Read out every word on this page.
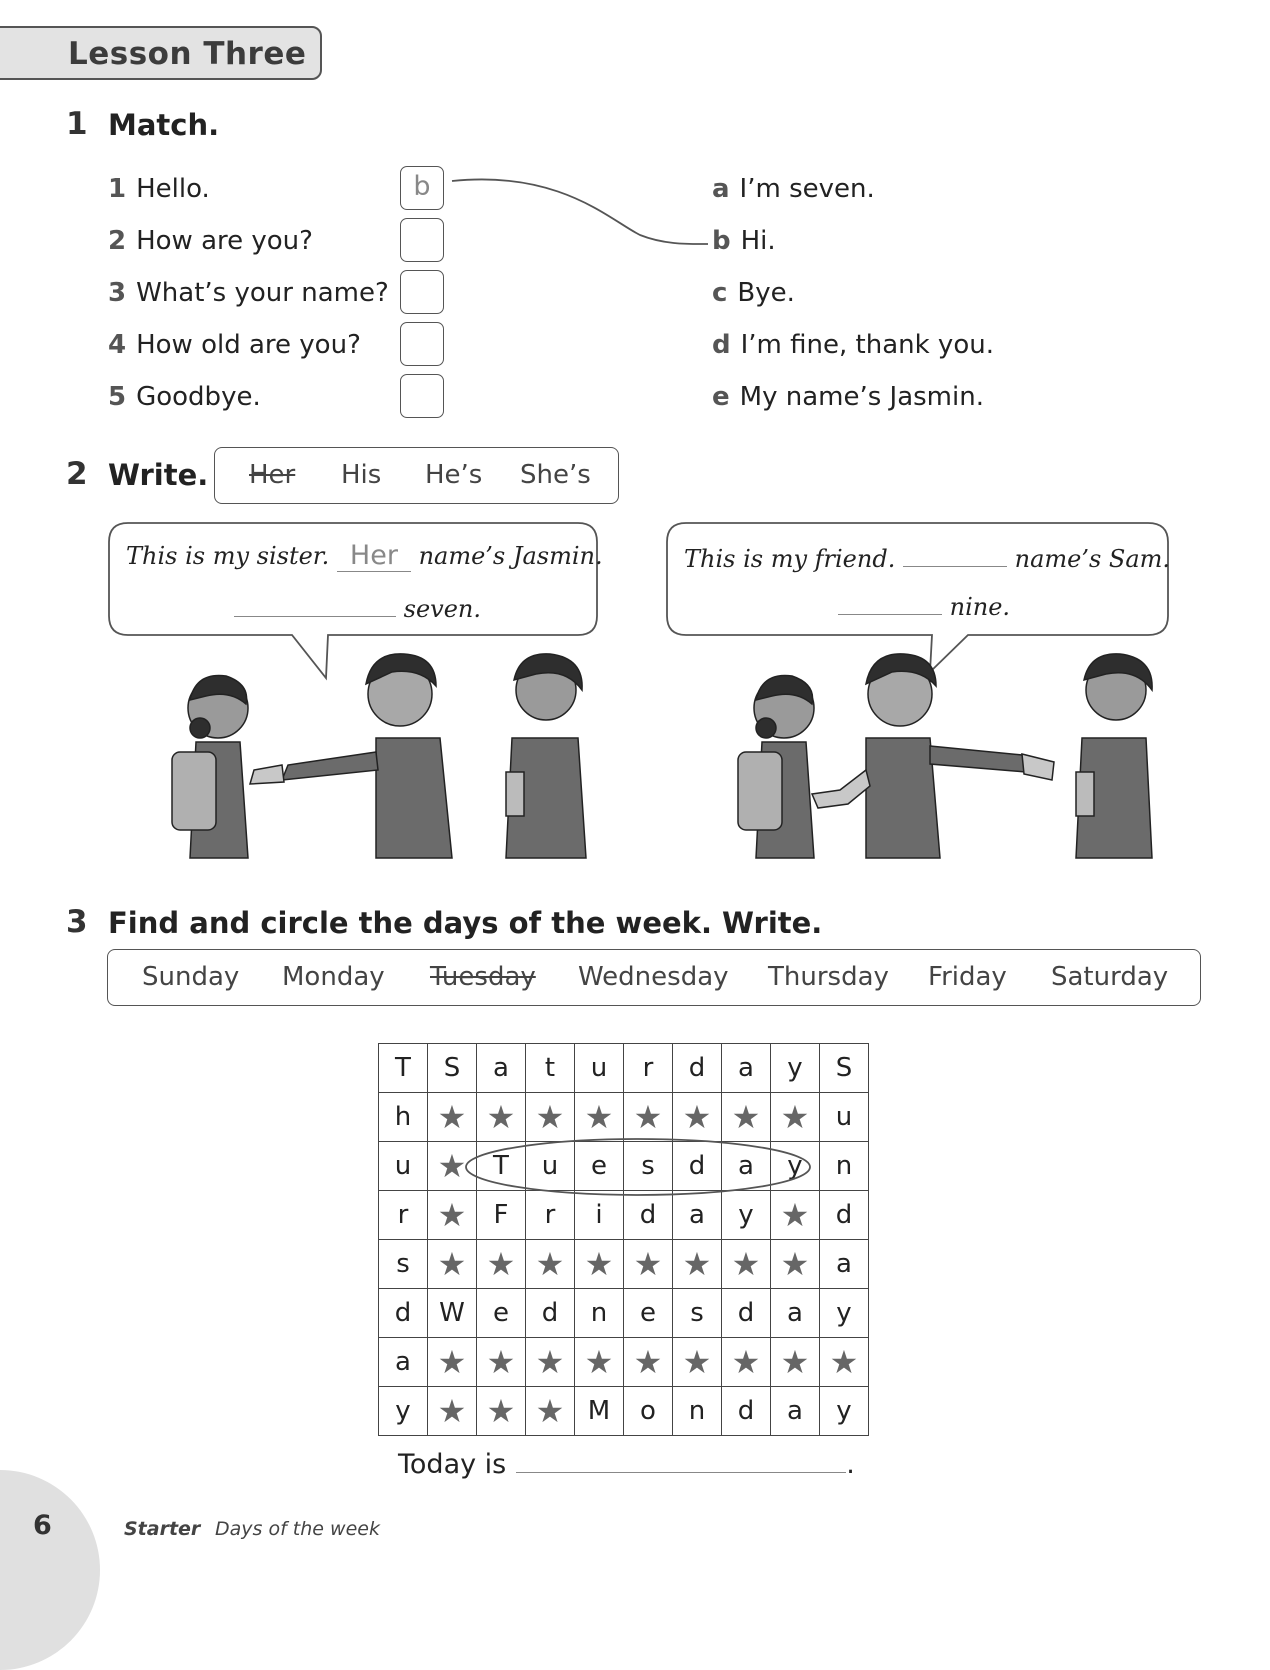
Lesson Three
1 Match.
1 Hello.
2 How are you?
3 What’s your name?
4 How old are you?
5 Goodbye.
b	a I’m seven.
b Hi.
c Bye.
d I’m fine, thank you.
e My name’s Jasmin.
2 Write. Her His He’s She’s
This is my sister. Her name’s Jasmin.
seven.
This is my friend.	name’s Sam.
nine.
3 Find and circle the days of the week. Write.
Sunday Monday Tuesday Wednesday Thursday Friday Saturday
T	S	a	t	u	r	d	a	y	S
h	★	★	★	★	★	★	★	★	u
u	★	T	u	e	s	d	a	y	n
r	★	F	r	i	d	a	y	★	d
s	★	★	★	★	★	★	★	★	a
d	W	e	d	n	e	s	d	a	y
a	★	★	★	★	★	★	★	★	★
y	★	★	★	M	o	n	d	a	y
Today is	.
6	Starter Days of the week
